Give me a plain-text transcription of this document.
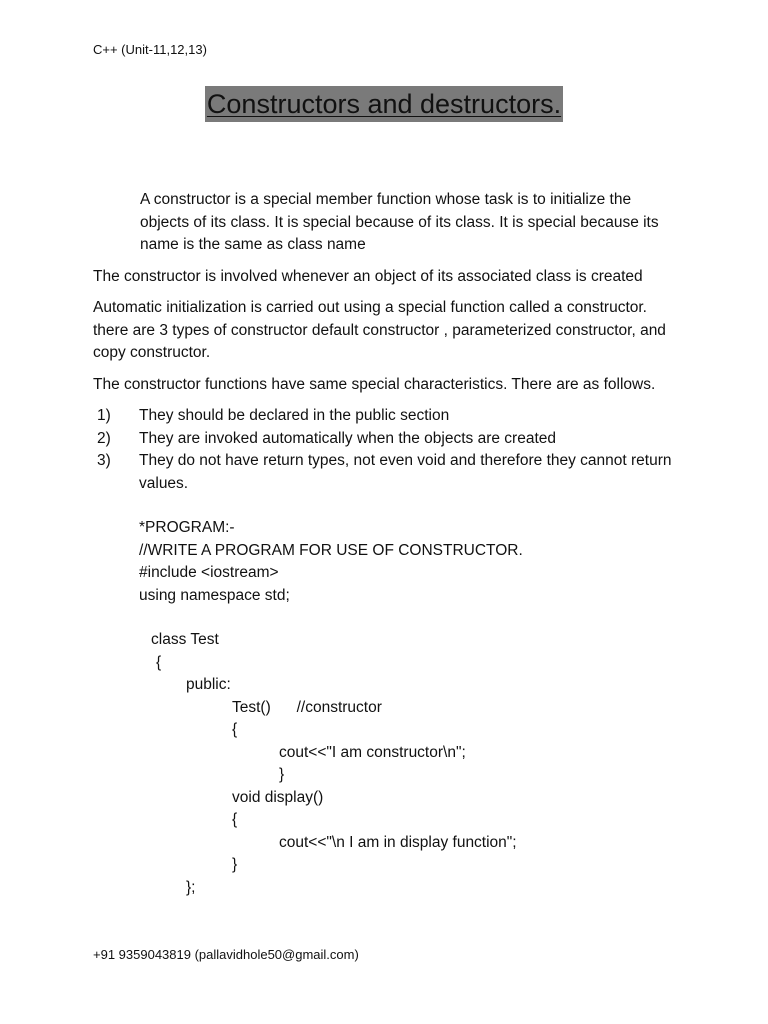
C++ (Unit-11,12,13)
Constructors and destructors.

A constructor is a special member function whose task is to initialize the objects of its class. It is special because of its class. It is special because its name is the same as class name

The constructor is involved whenever an object of its associated class is created

Automatic initialization is carried out using a special function called a constructor. there are 3 types of constructor default constructor , parameterized constructor, and copy constructor.

The constructor functions have same special characteristics. There are as follows.

1) They should be declared in the public section
2) They are invoked automatically when the objects are created
3) They do not have return types, not even void and therefore they cannot return values.
*PROGRAM:-
//WRITE A PROGRAM FOR USE OF CONSTRUCTOR.
#include <iostream>
using namespace std;
class Test
{
public:
Test()      //constructor
{
cout<<"I am constructor\n";
}
void display()
{
cout<<"\n I am in display function";
}
};
+91 9359043819 (pallavidhole50@gmail.com)
